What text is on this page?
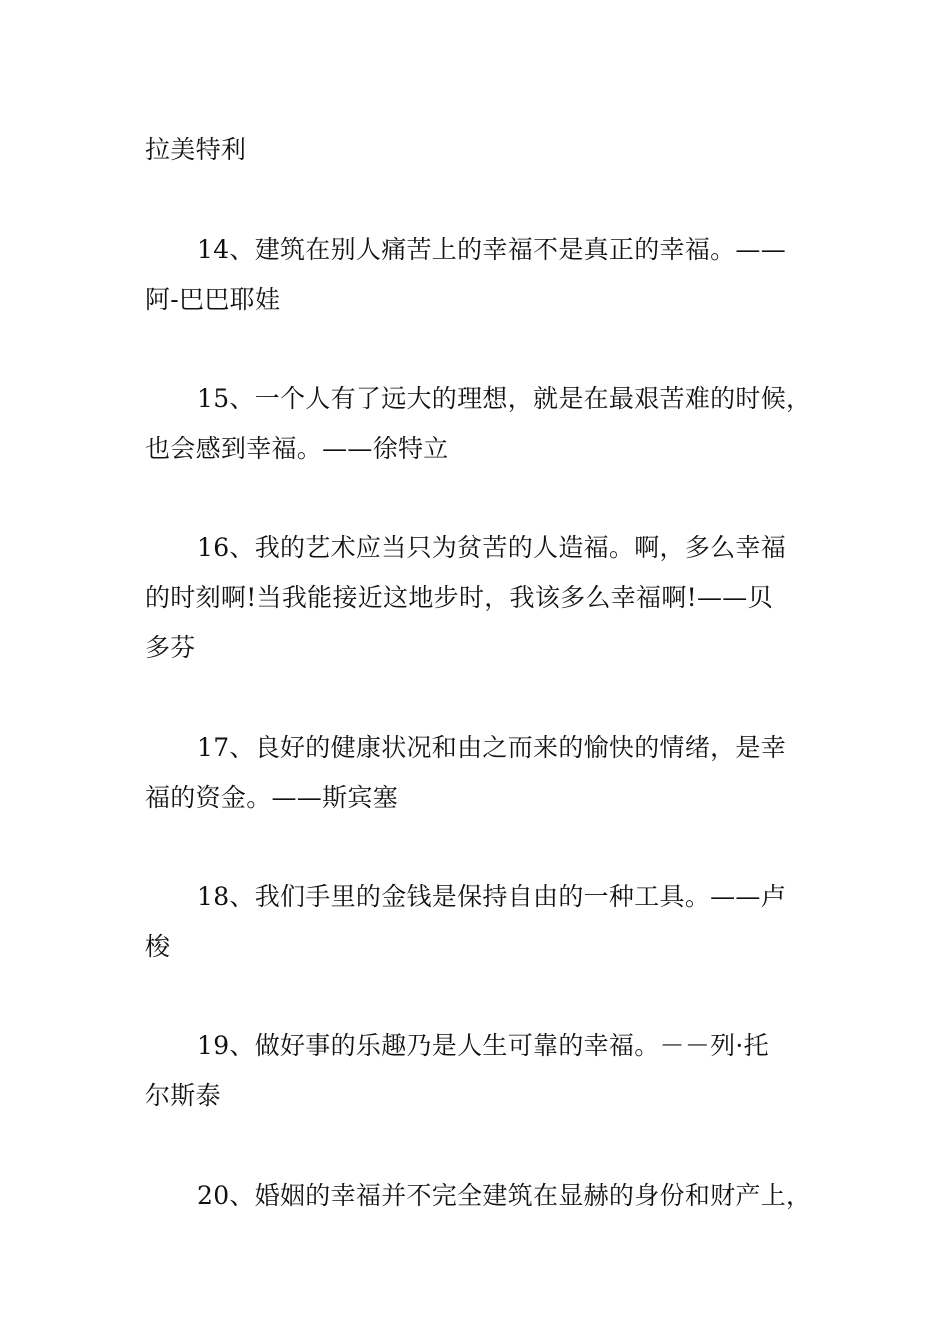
拉美特利
14、建筑在别人痛苦上的幸福不是真正的幸福。——
阿-巴巴耶娃
15、一个人有了远大的理想，就是在最艰苦难的时候，
也会感到幸福。——徐特立
16、我的艺术应当只为贫苦的人造福。啊，多么幸福
的时刻啊!当我能接近这地步时，我该多么幸福啊!——贝
多芬
17、良好的健康状况和由之而来的愉快的情绪，是幸
福的资金。——斯宾塞
18、我们手里的金钱是保持自由的一种工具。——卢
梭
19、做好事的乐趣乃是人生可靠的幸福。－－列·托
尔斯泰
20、婚姻的幸福并不完全建筑在显赫的身份和财产上，
